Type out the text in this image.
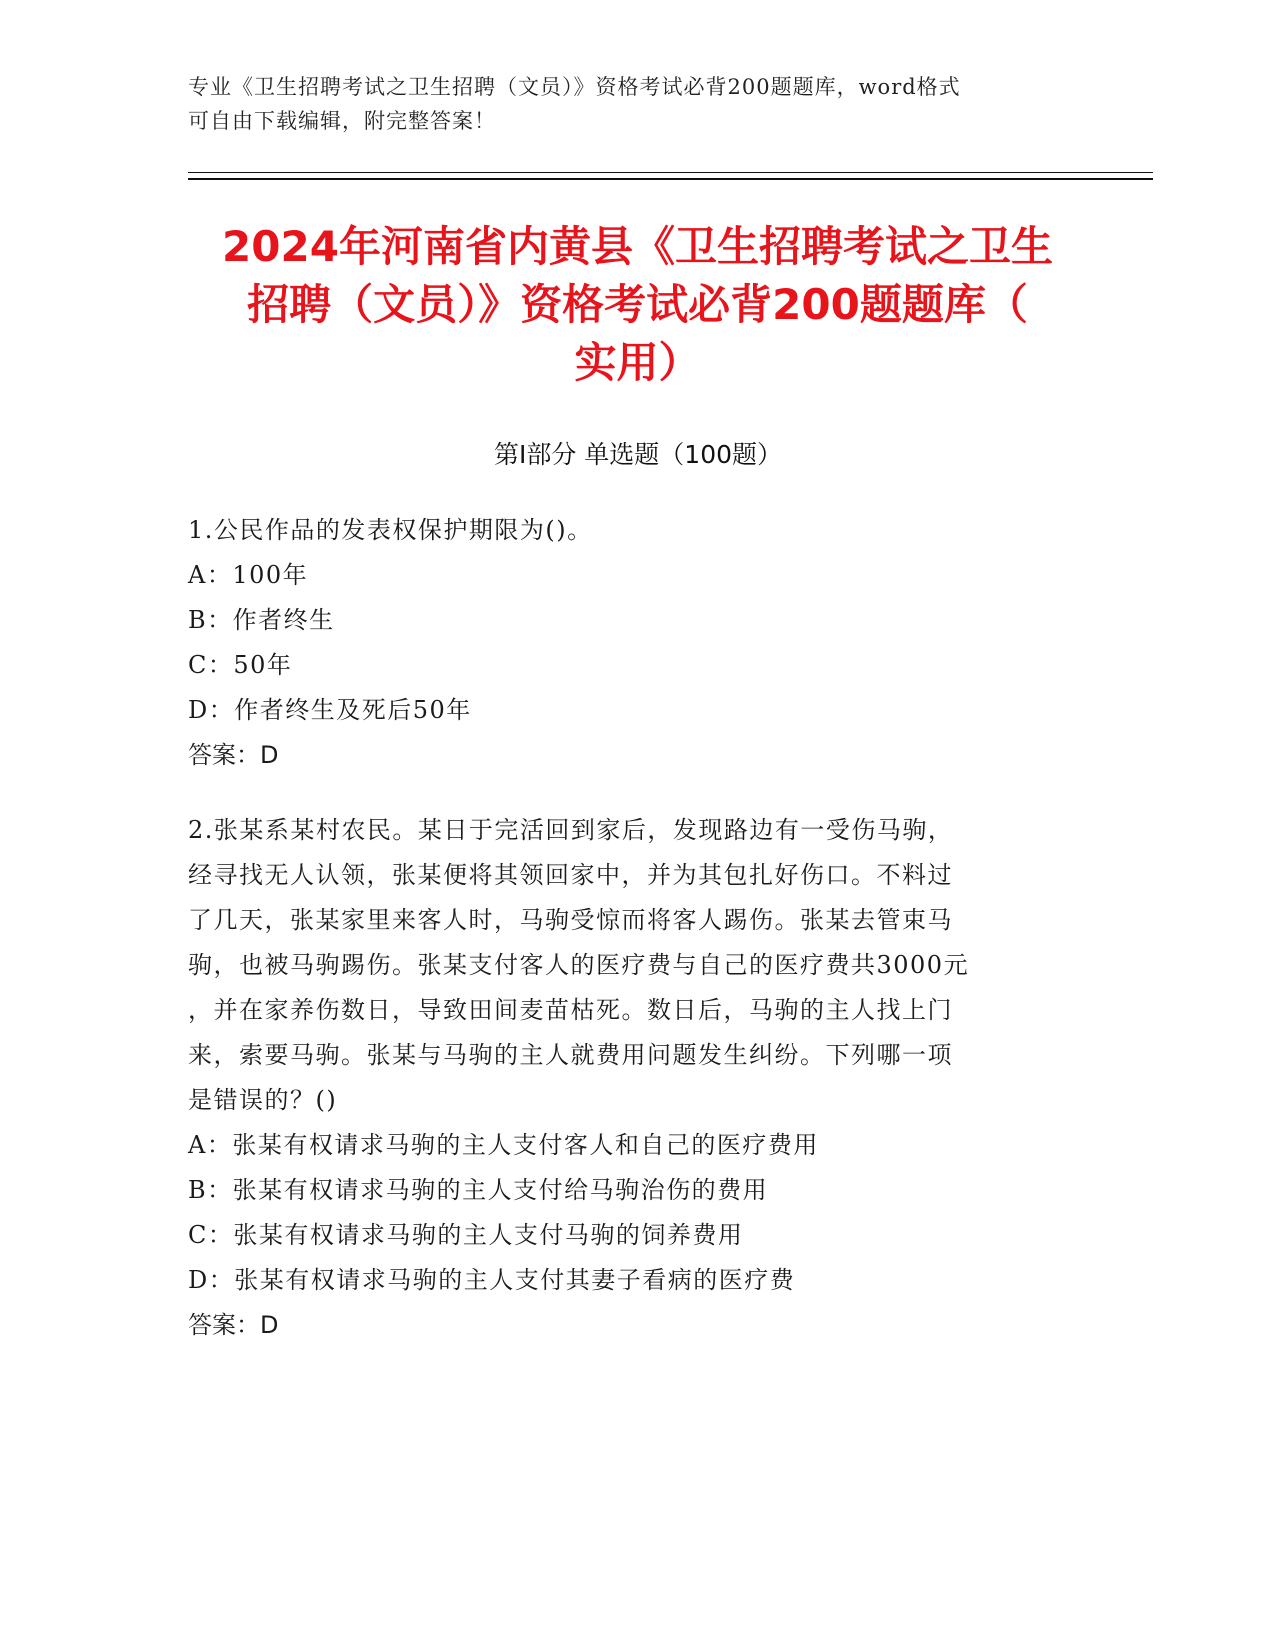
专业《卫生招聘考试之卫生招聘（文员）》资格考试必背200题题库，word格式
可自由下载编辑，附完整答案！
2024年河南省内黄县《卫生招聘考试之卫生
招聘（文员）》资格考试必背200题题库（
实用）
第Ⅰ部分 单选题（100题）

1.公民作品的发表权保护期限为()。

A：100年

B：作者终生

C：50年

D：作者终生及死后50年

答案：D

2.张某系某村农民。某日于完活回到家后，发现路边有一受伤马驹，

经寻找无人认领，张某便将其领回家中，并为其包扎好伤口。不料过

了几天，张某家里来客人时，马驹受惊而将客人踢伤。张某去管束马

驹，也被马驹踢伤。张某支付客人的医疗费与自己的医疗费共3000元

，并在家养伤数日，导致田间麦苗枯死。数日后，马驹的主人找上门

来，索要马驹。张某与马驹的主人就费用问题发生纠纷。下列哪一项

是错误的？()

A：张某有权请求马驹的主人支付客人和自己的医疗费用

B：张某有权请求马驹的主人支付给马驹治伤的费用

C：张某有权请求马驹的主人支付马驹的饲养费用

D：张某有权请求马驹的主人支付其妻子看病的医疗费

答案：D
